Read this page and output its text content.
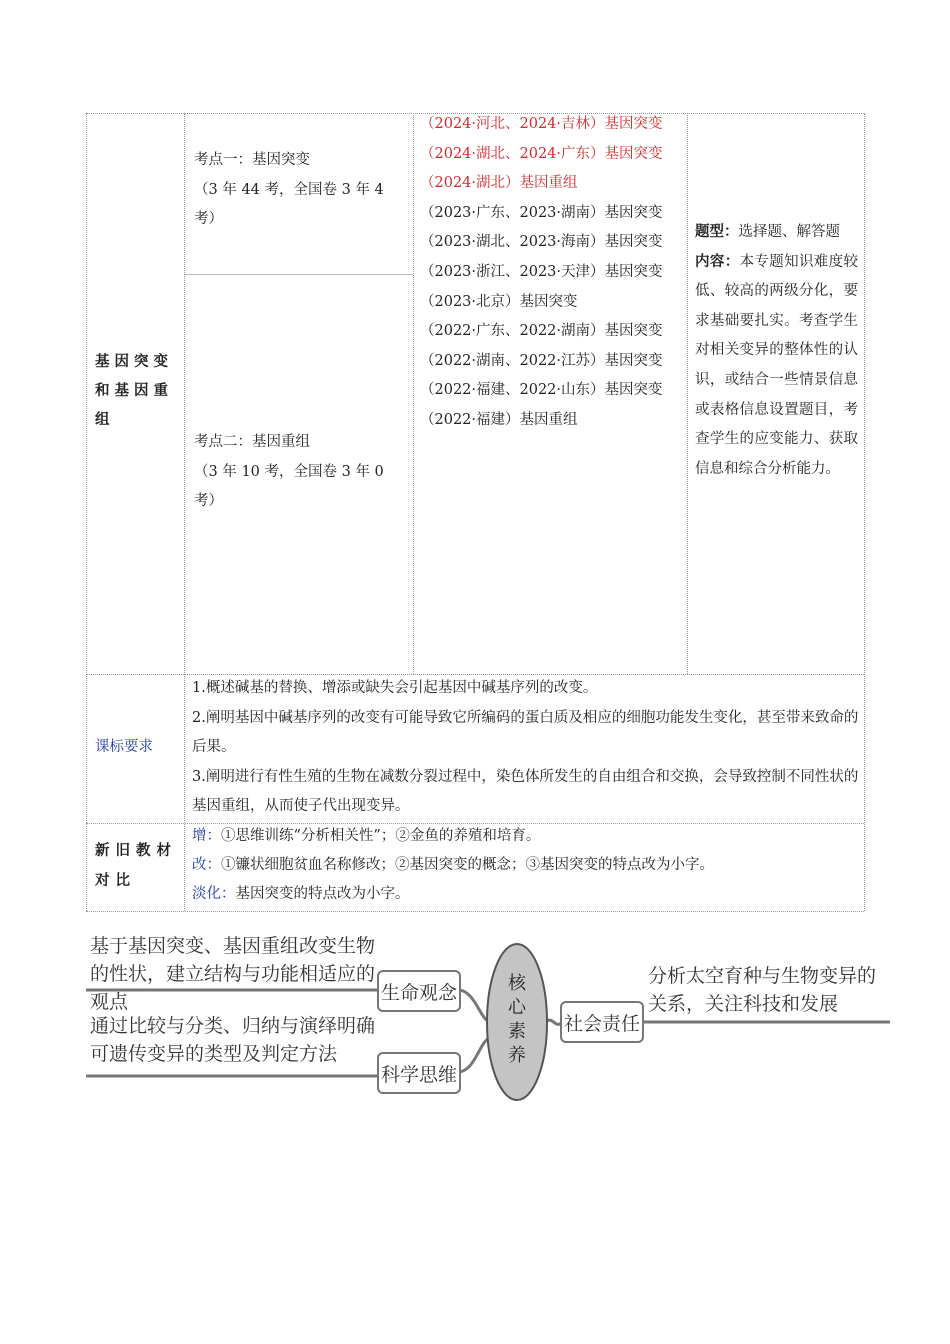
基因突变和基因重组
考点一：基因突变
（3 年 44 考，全国卷 3 年 4 考）
考点二：基因重组
（3 年 10 考，全国卷 3 年 0 考）
（2024·河北、2024·吉林）基因突变
（2024·湖北、2024·广东）基因突变
（2024·湖北）基因重组
（2023·广东、2023·湖南）基因突变
（2023·湖北、2023·海南）基因突变
（2023·浙江、2023·天津）基因突变
（2023·北京）基因突变
（2022·广东、2022·湖南）基因突变
（2022·湖南、2022·江苏）基因突变
（2022·福建、2022·山东）基因突变
（2022·福建）基因重组
题型：选择题、解答题
内容：本专题知识难度较低、较高的两级分化，要求基础要扎实。考查学生对相关变异的整体性的认识，或结合一些情景信息或表格信息设置题目，考查学生的应变能力、获取信息和综合分析能力。
课标要求
1.概述碱基的替换、增添或缺失会引起基因中碱基序列的改变。
2.阐明基因中碱基序列的改变有可能导致它所编码的蛋白质及相应的细胞功能发生变化，甚至带来致命的后果。
3.阐明进行有性生殖的生物在减数分裂过程中，染色体所发生的自由组合和交换，会导致控制不同性状的基因重组，从而使子代出现变异。
新旧教材对比
增：①思维训练“分析相关性”；②金鱼的养殖和培育。
改：①镰状细胞贫血名称修改；②基因突变的概念；③基因突变的特点改为小字。
淡化：基因突变的特点改为小字。
基于基因突变、基因重组改变生物的性状，建立结构与功能相适应的观点	生命观念
通过比较与分类、归纳与演绎明确可遗传变异的类型及判定方法
科学思维
核心素养
社会责任
分析太空育种与生物变异的关系，关注科技和发展
